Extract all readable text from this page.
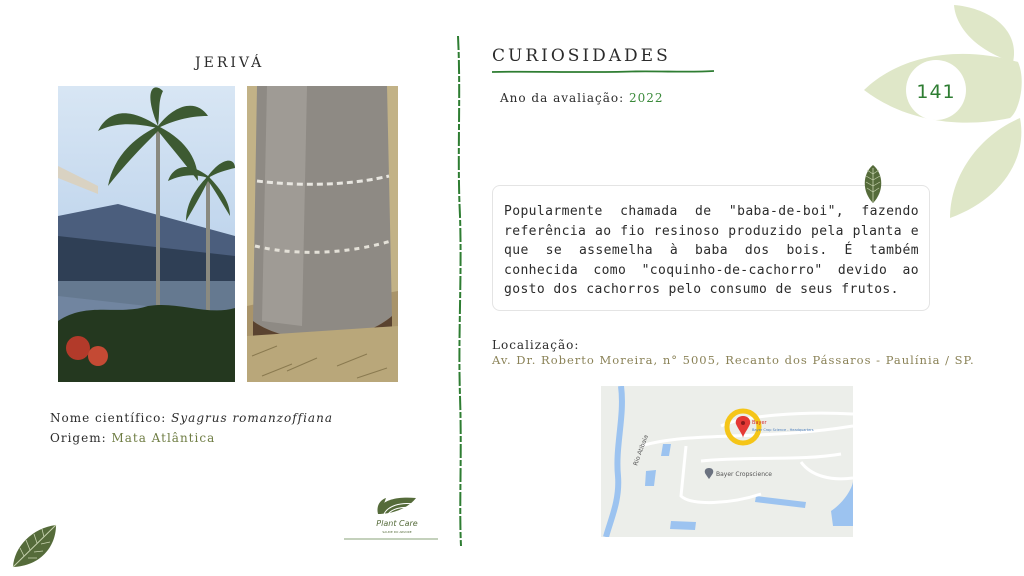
JERIVÁ
Nome científico: Syagrus romanzoffiana
Origem: Mata Atlântica
Plant Care
SAUDE DO ARVORE
CURIOSIDADES
Ano da avaliação: 2022	141
Popularmente chamada de "baba-de-boi", fazendo referência ao fio resinoso produzido pela planta e que se assemelha à baba dos bois. É também conhecida como "coquinho-de-cachorro" devido ao gosto dos cachorros pelo consumo de seus frutos.
Localização:
Av. Dr. Roberto Moreira, n° 5005, Recanto dos Pássaros - Paulínia / SP.
Rio Atibaia
Bayer
Bayer Crop Science - Headquarters
Bayer Cropscience
